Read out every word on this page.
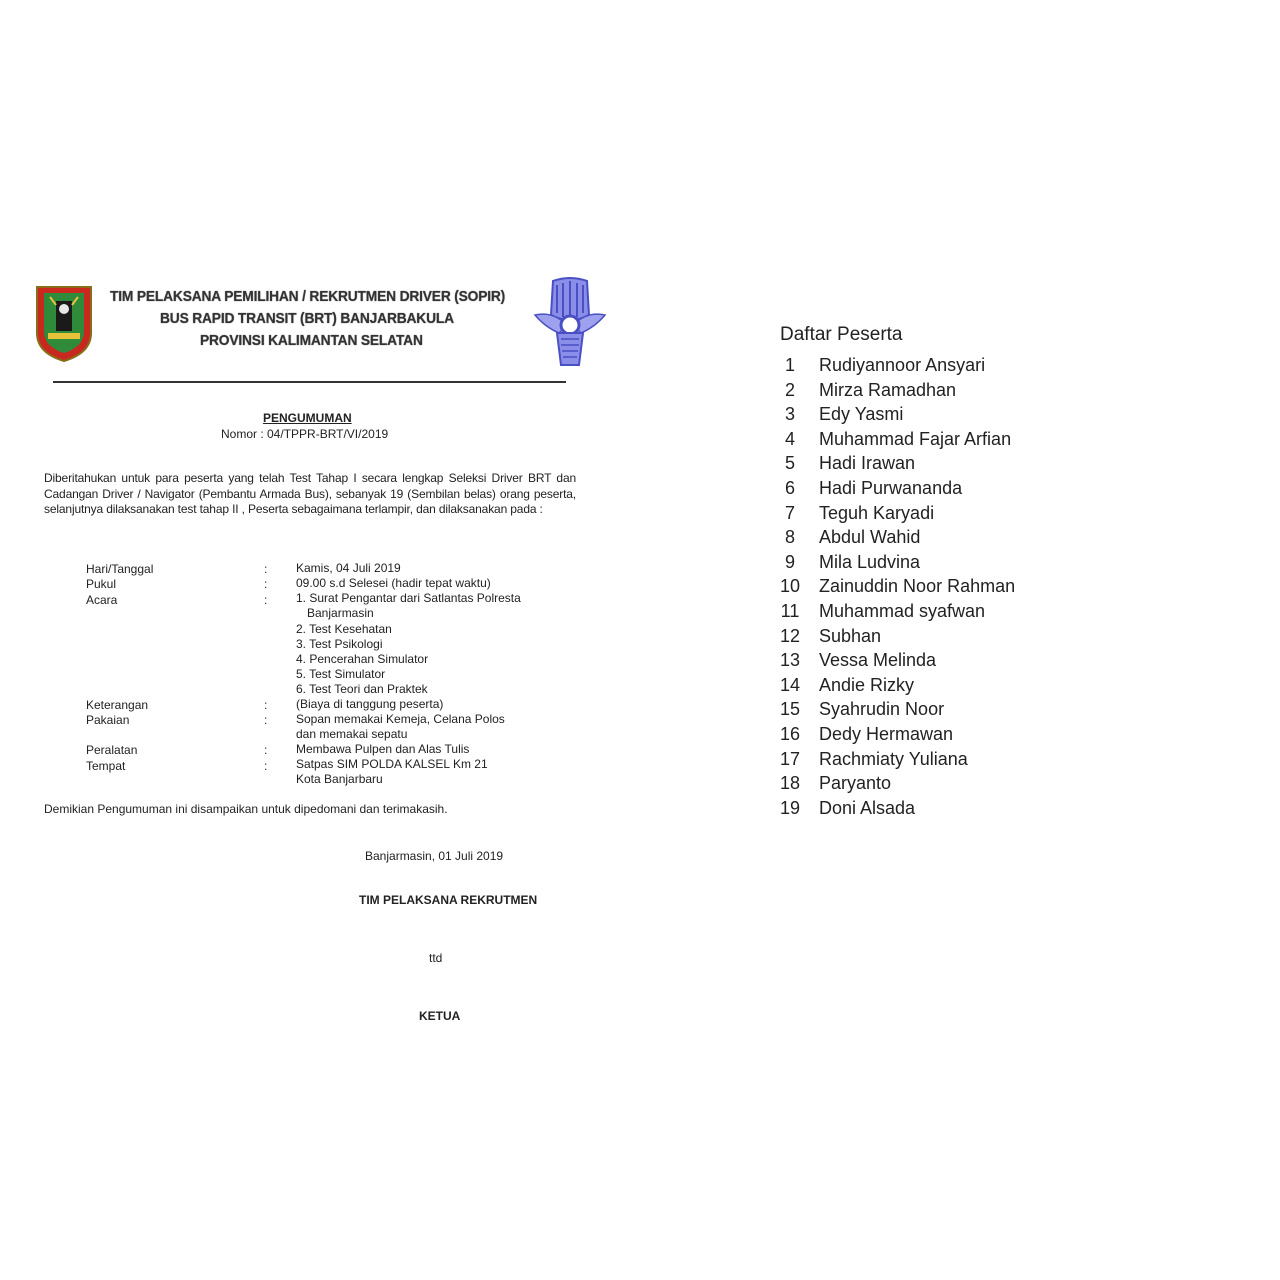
TIM PELAKSANA PEMILIHAN / REKRUTMEN DRIVER (SOPIR)
BUS RAPID TRANSIT (BRT) BANJARBAKULA
PROVINSI KALIMANTAN SELATAN
PENGUMUMAN
Nomor : 04/TPPR-BRT/VI/2019
Diberitahukan untuk para peserta yang telah Test Tahap I secara lengkap Seleksi Driver BRT dan Cadangan Driver / Navigator (Pembantu Armada Bus), sebanyak 19 (Sembilan belas) orang peserta, selanjutnya dilaksanakan test tahap II , Peserta sebagaimana terlampir, dan dilaksanakan pada :
Hari/Tanggal	: Kamis, 04 Juli 2019
Pukul	: 09.00 s.d Selesei (hadir tepat waktu)
Acara	: 1. Surat Pengantar dari Satlantas Polresta
Banjarmasin
2. Test Kesehatan
3. Test Psikologi
4. Pencerahan Simulator
5. Test Simulator
6. Test Teori dan Praktek
Keterangan	: (Biaya di tanggung peserta)
Pakaian	: Sopan memakai Kemeja, Celana Polos
dan memakai sepatu
Peralatan	: Membawa Pulpen dan Alas Tulis
Tempat	: Satpas SIM POLDA KALSEL Km 21
Kota Banjarbaru
Demikian Pengumuman ini disampaikan untuk dipedomani dan terimakasih.
Banjarmasin, 01 Juli 2019
TIM PELAKSANA REKRUTMEN
ttd
KETUA
Daftar Peserta
1	Rudiyannoor Ansyari
2	Mirza Ramadhan
3	Edy Yasmi
4	Muhammad Fajar Arfian
5	Hadi Irawan
6	Hadi Purwananda
7	Teguh Karyadi
8	Abdul Wahid
9	Mila Ludvina
10	Zainuddin Noor Rahman
11	Muhammad syafwan
12	Subhan
13	Vessa Melinda
14	Andie Rizky
15	Syahrudin Noor
16	Dedy Hermawan
17	Rachmiaty Yuliana
18	Paryanto
19	Doni Alsada
